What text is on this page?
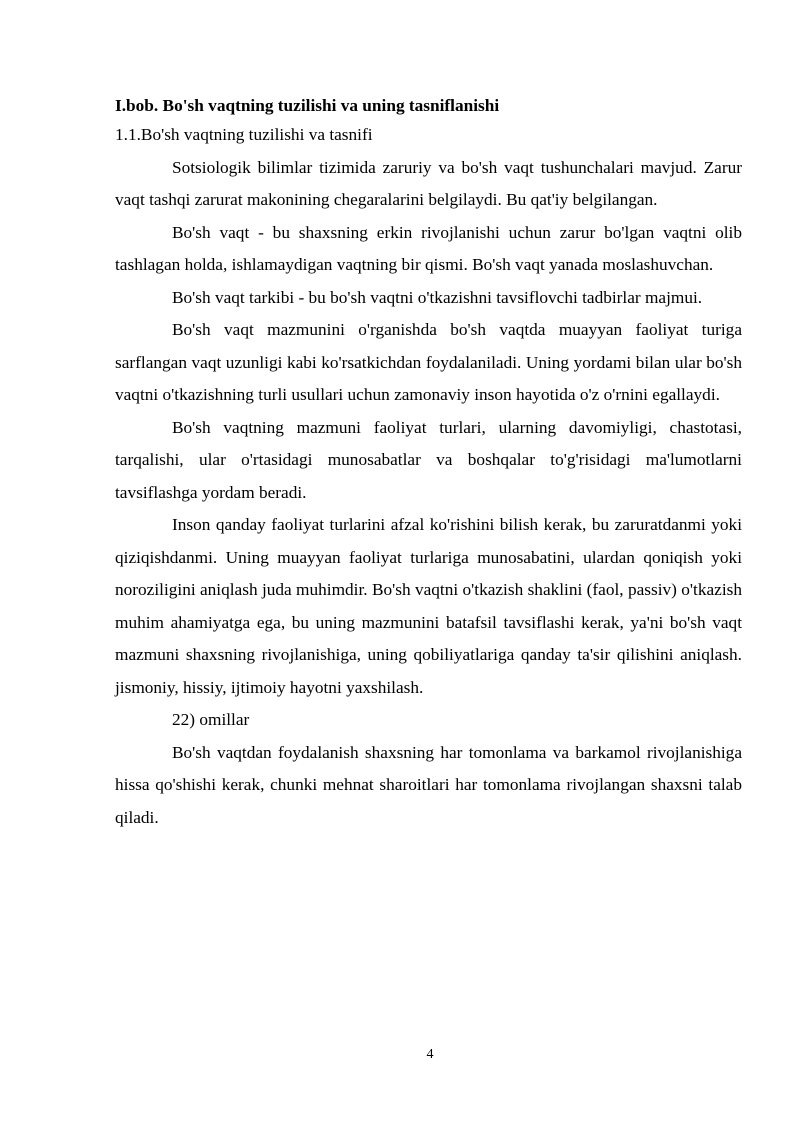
I.bob. Bo'sh vaqtning tuzilishi va uning tasniflanishi
1.1.Bo'sh vaqtning tuzilishi va tasnifi

Sotsiologik bilimlar tizimida zaruriy va bo'sh vaqt tushunchalari mavjud. Zarur vaqt tashqi zarurat makonining chegaralarini belgilaydi. Bu qat'iy belgilangan.

Bo'sh vaqt - bu shaxsning erkin rivojlanishi uchun zarur bo'lgan vaqtni olib tashlagan holda, ishlamaydigan vaqtning bir qismi. Bo'sh vaqt yanada moslashuvchan.

Bo'sh vaqt tarkibi - bu bo'sh vaqtni o'tkazishni tavsiflovchi tadbirlar majmui.

Bo'sh vaqt mazmunini o'rganishda bo'sh vaqtda muayyan faoliyat turiga sarflangan vaqt uzunligi kabi ko'rsatkichdan foydalaniladi. Uning yordami bilan ular bo'sh vaqtni o'tkazishning turli usullari uchun zamonaviy inson hayotida o'z o'rnini egallaydi.

Bo'sh vaqtning mazmuni faoliyat turlari, ularning davomiyligi, chastotasi, tarqalishi, ular o'rtasidagi munosabatlar va boshqalar to'g'risidagi ma'lumotlarni tavsiflashga yordam beradi.

Inson qanday faoliyat turlarini afzal ko'rishini bilish kerak, bu zaruratdanmi yoki qiziqishdanmi. Uning muayyan faoliyat turlariga munosabatini, ulardan qoniqish yoki noroziligini aniqlash juda muhimdir. Bo'sh vaqtni o'tkazish shaklini (faol, passiv) o'tkazish muhim ahamiyatga ega, bu uning mazmunini batafsil tavsiflashi kerak, ya'ni bo'sh vaqt mazmuni shaxsning rivojlanishiga, uning qobiliyatlariga qanday ta'sir qilishini aniqlash. jismoniy, hissiy, ijtimoiy hayotni yaxshilash.

22) omillar

Bo'sh vaqtdan foydalanish shaxsning har tomonlama va barkamol rivojlanishiga hissa qo'shishi kerak, chunki mehnat sharoitlari har tomonlama rivojlangan shaxsni talab qiladi.

4
